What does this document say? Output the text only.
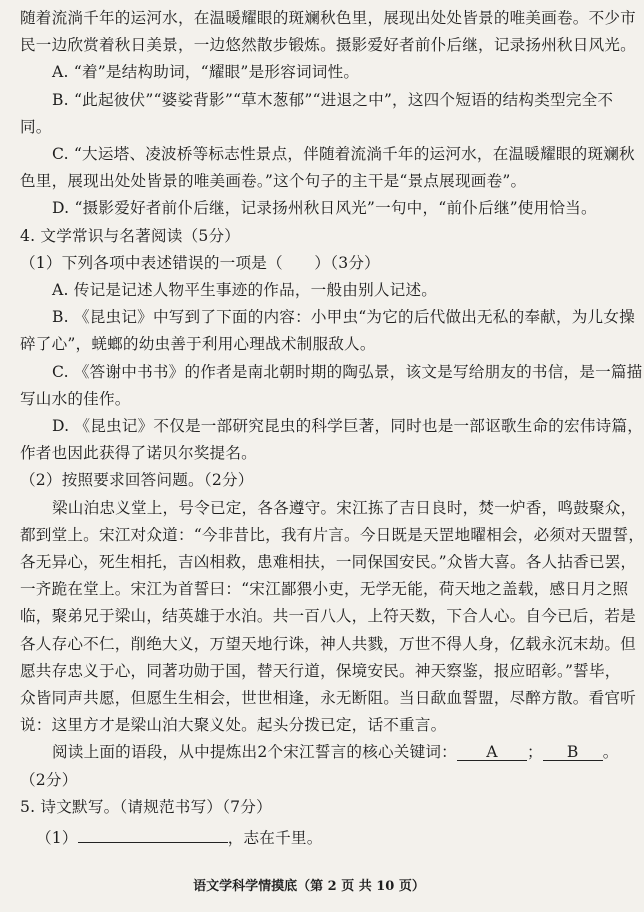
随着流淌千年的运河水，在温暖耀眼的斑斓秋色里，展现出处处皆景的唯美画卷。不少市
民一边欣赏着秋日美景，一边悠然散步锻炼。摄影爱好者前仆后继，记录扬州秋日风光。
A. “着”是结构助词，“耀眼”是形容词词性。
B. “此起彼伏”“婆娑背影”“草木葱郁”“进退之中”，这四个短语的结构类型完全不
同。
C. “大运塔、凌波桥等标志性景点，伴随着流淌千年的运河水，在温暖耀眼的斑斓秋
色里，展现出处处皆景的唯美画卷。”这个句子的主干是“景点展现画卷”。
D. “摄影爱好者前仆后继，记录扬州秋日风光”一句中，“前仆后继”使用恰当。
4. 文学常识与名著阅读（5分）
（1）下列各项中表述错误的一项是（　　）（3分）
A. 传记是记述人物平生事迹的作品，一般由别人记述。
B. 《昆虫记》中写到了下面的内容：小甲虫“为它的后代做出无私的奉献，为儿女操
碎了心”，蜣螂的幼虫善于利用心理战术制服敌人。
C. 《答谢中书书》的作者是南北朝时期的陶弘景，该文是写给朋友的书信，是一篇描
写山水的佳作。
D. 《昆虫记》不仅是一部研究昆虫的科学巨著，同时也是一部讴歌生命的宏伟诗篇，
作者也因此获得了诺贝尔奖提名。
（2）按照要求回答问题。（2分）
梁山泊忠义堂上，号令已定，各各遵守。宋江拣了吉日良时，焚一炉香，鸣鼓聚众，
都到堂上。宋江对众道：“今非昔比，我有片言。今日既是天罡地曜相会，必须对天盟誓，
各无异心，死生相托，吉凶相救，患难相扶，一同保国安民。”众皆大喜。各人拈香已罢，
一齐跪在堂上。宋江为首誓曰：“宋江鄙猥小吏，无学无能，荷天地之盖载，感日月之照
临，聚弟兄于梁山，结英雄于水泊。共一百八人，上符天数，下合人心。自今已后，若是
各人存心不仁，削绝大义，万望天地行诛，神人共戮，万世不得人身，亿载永沉末劫。但
愿共存忠义于心，同著功勋于国，替天行道，保境安民。神天察鉴，报应昭彰。”誓毕，
众皆同声共愿，但愿生生相会，世世相逢，永无断阻。当日歃血誓盟，尽醉方散。看官听
说：这里方才是梁山泊大聚义处。起头分拨已定，话不重言。
阅读上面的语段，从中提炼出2个宋江誓言的核心关键词： A ； B 。
（2分）
5. 诗文默写。（请规范书写）（7分）
（1）	，志在千里。
语文学科学情摸底（第 2 页 共 10 页）
